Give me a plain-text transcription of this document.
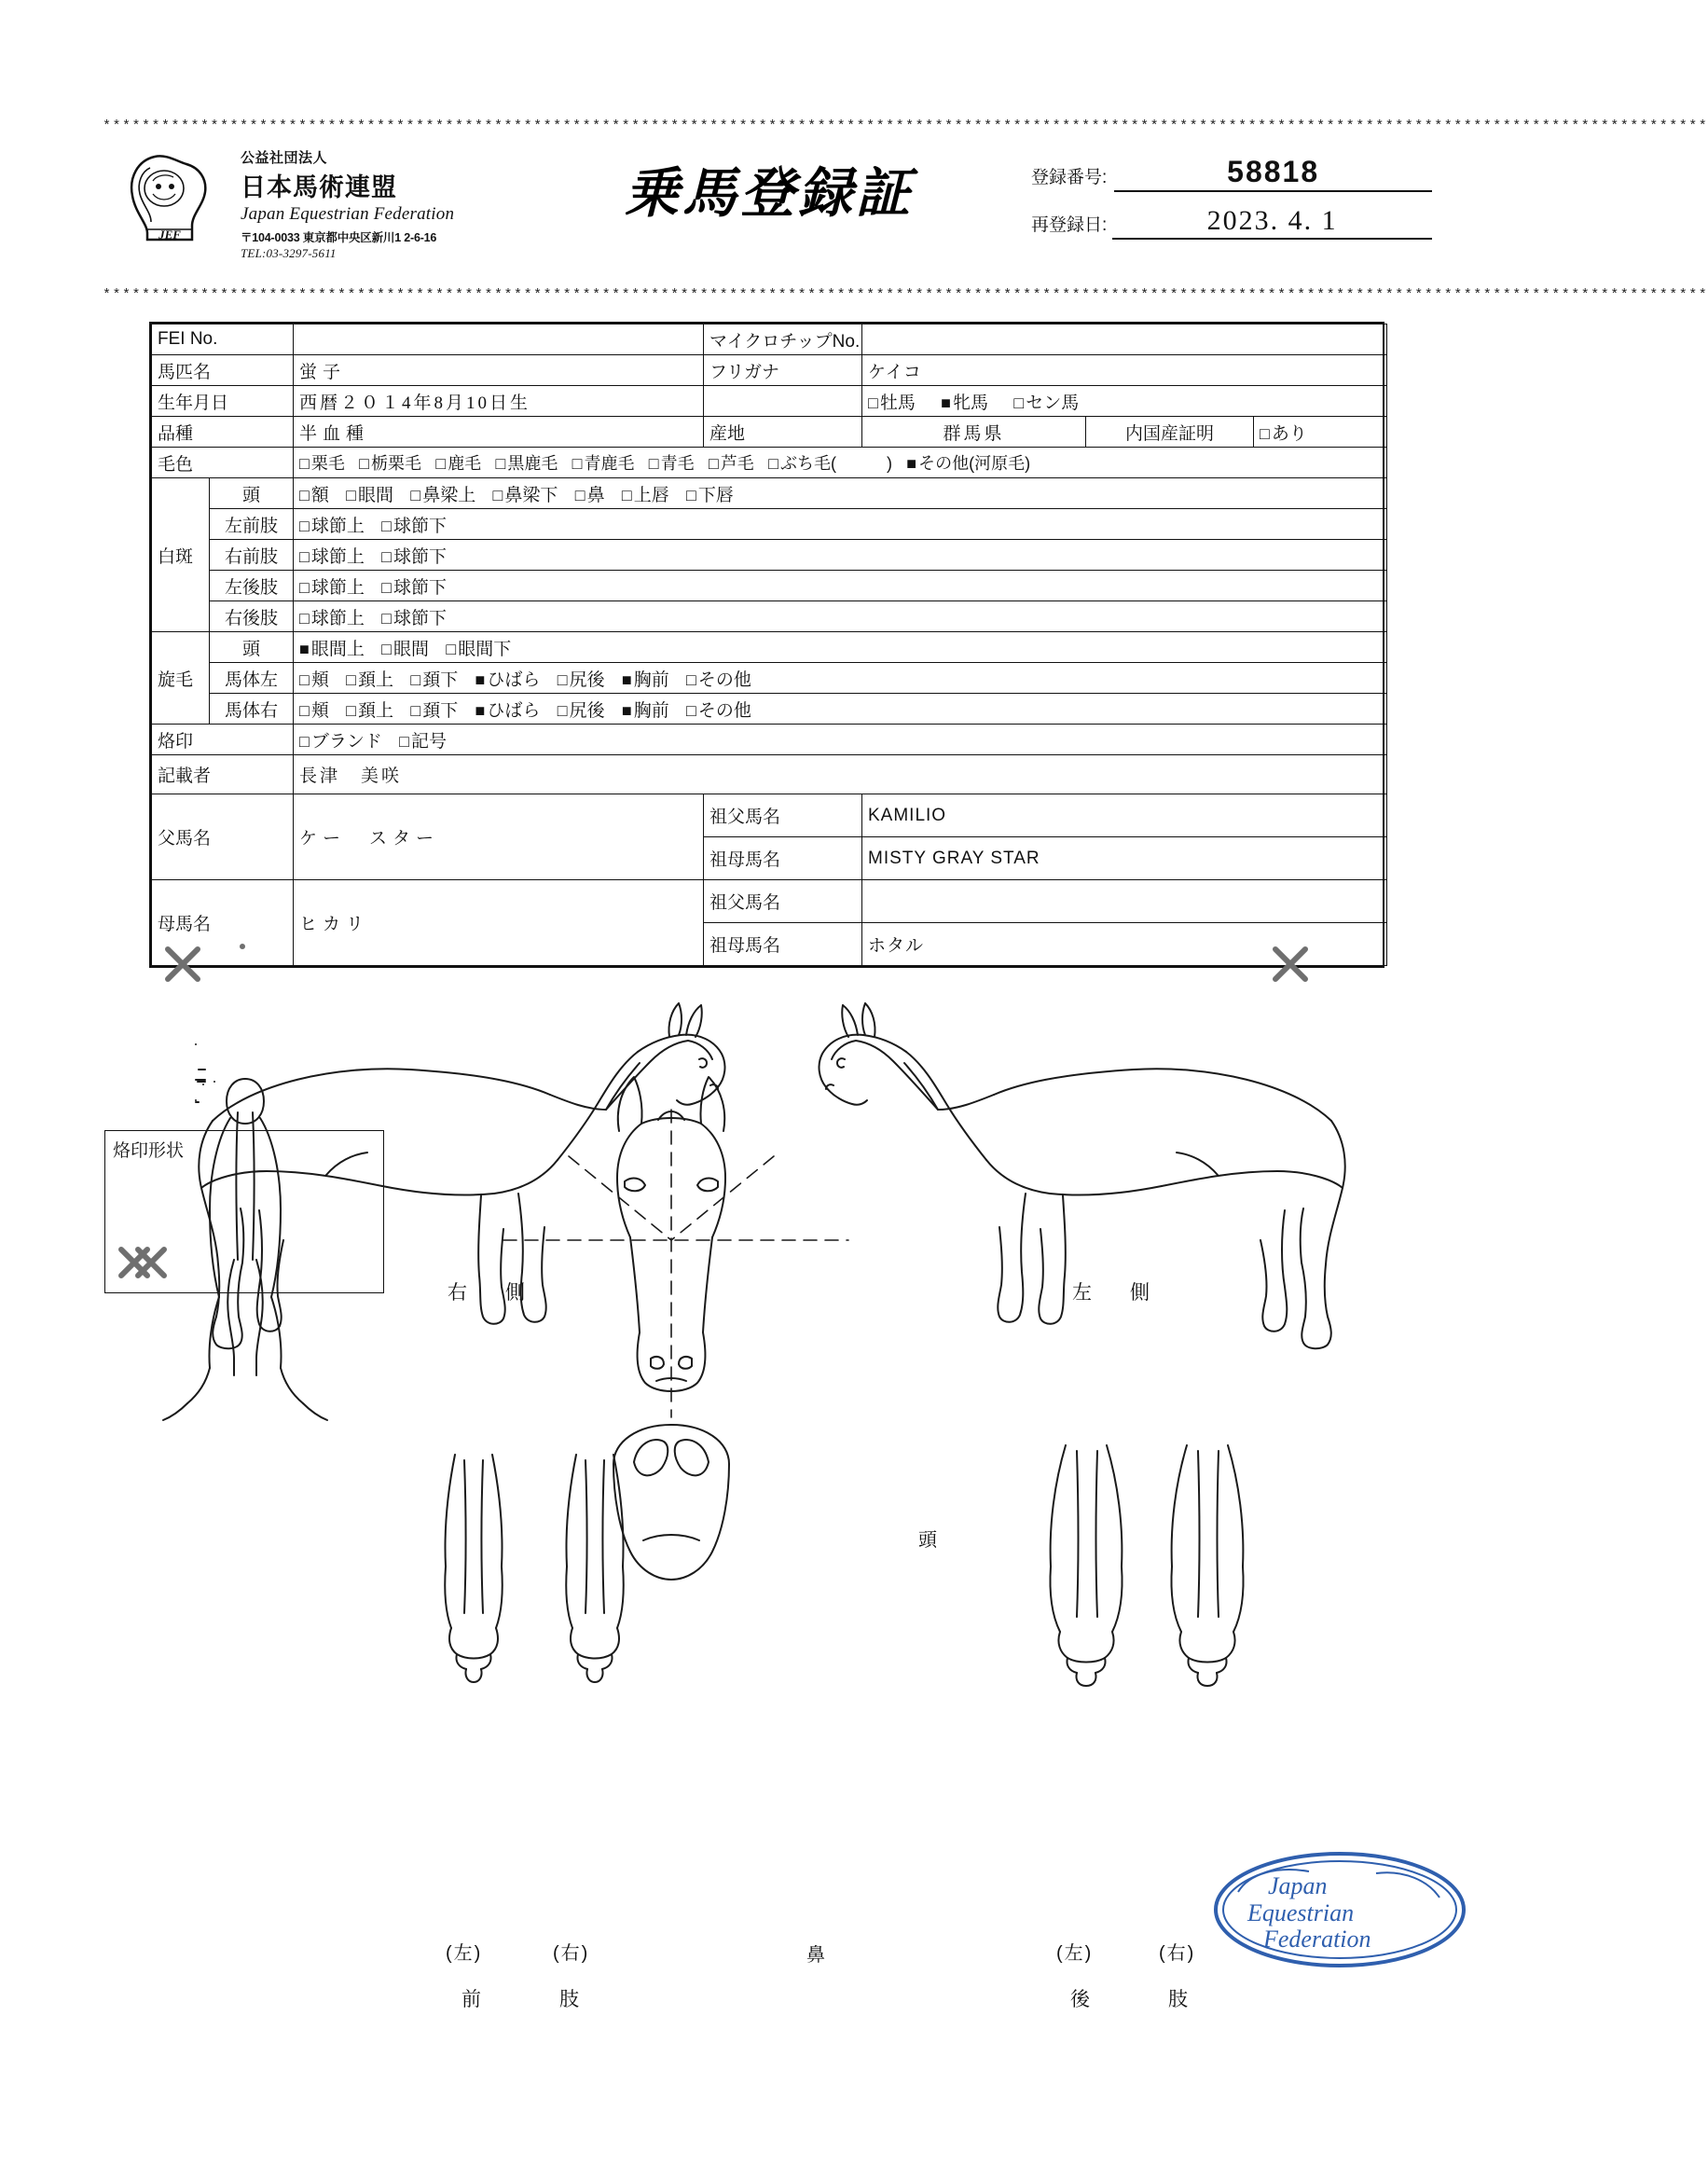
********************************************************************************************************************************************************************
JEF
公益社団法人
日本馬術連盟
Japan Equestrian Federation
〒104-0033 東京都中央区新川1 2-6-16
TEL:03-3297-5611
乗馬登録証	登録番号:	58818
再登録日:	2023. 4. 1
********************************************************************************************************************************************************************
FEI No.			マイクロチップNo.			
馬匹名		蛍子	フリガナ	ケイコ		
生年月日		西暦２０１4年8月10日生		□ 牡馬 ■ 牝馬 □ セン馬
品種		半血種	産地	群馬県	内国産証明	□ あり
毛色		□ 栗毛 □ 栃栗毛 □ 鹿毛 □ 黒鹿毛 □ 青鹿毛 □ 青毛 □ 芦毛 □ ぶち毛(　　　) ■ その他(河原毛)
白斑	頭	□ 額 □ 眼間 □ 鼻梁上 □ 鼻梁下 □ 鼻 □ 上唇 □ 下唇
	左前肢	□ 球節上 □ 球節下
	右前肢	□ 球節上 □ 球節下
	左後肢	□ 球節上 □ 球節下
	右後肢	□ 球節上 □ 球節下
旋毛	頭	■ 眼間上 □ 眼間 □ 眼間下
	馬体左	□ 頬 □ 頚上 □ 頚下 ■ ひばら □ 尻後 ■ 胸前 □ その他
	馬体右	□ 頬 □ 頚上 □ 頚下 ■ ひばら □ 尻後 ■ 胸前 □ その他
烙印		□ ブランド □ 記号
記載者		長津　美咲				
父馬名		ケー　スター	祖父馬名	KAMILIO		
			祖母馬名	MISTY GRAY STAR		
母馬名		ヒカリ	祖父馬名			
			祖母馬名	ホタル		
烙印形状
右　側	左　側
頭
鼻
(左)	(右)
前　　肢
(左)	(右)
後　　肢
Japan
Equestrian
Federation
